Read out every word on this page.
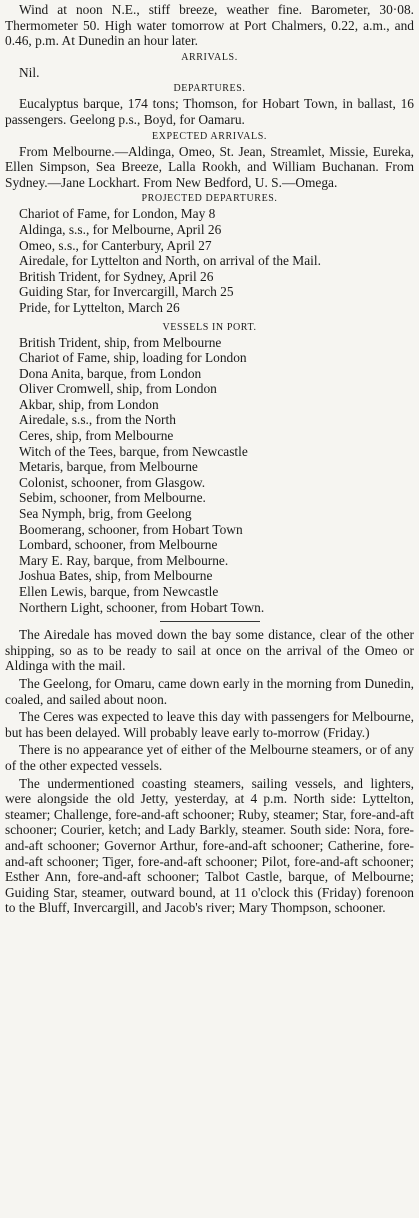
Wind at noon N.E., stiff breeze, weather fine. Barometer, 30·08. Thermometer 50. High water tomorrow at Port Chalmers, 0.22, a.m., and 0.46, p.m. At Dunedin an hour later.

ARRIVALS.
Nil.
DEPARTURES.

Eucalyptus barque, 174 tons; Thomson, for Hobart Town, in ballast, 16 passengers. Geelong p.s., Boyd, for Oamaru.

EXPECTED ARRIVALS.

From Melbourne.—Aldinga, Omeo, St. Jean, Streamlet, Missie, Eureka, Ellen Simpson, Sea Breeze, Lalla Rookh, and William Buchanan. From Sydney.—Jane Lockhart. From New Bedford, U. S.—Omega.

PROJECTED DEPARTURES.
Chariot of Fame, for London, May 8
Aldinga, s.s., for Melbourne, April 26
Omeo, s.s., for Canterbury, April 27
Airedale, for Lyttelton and North, on arrival of the Mail.
British Trident, for Sydney, April 26
Guiding Star, for Invercargill, March 25
Pride, for Lyttelton, March 26
VESSELS IN PORT.
British Trident, ship, from Melbourne
Chariot of Fame, ship, loading for London
Dona Anita, barque, from London
Oliver Cromwell, ship, from London
Akbar, ship, from London
Airedale, s.s., from the North
Ceres, ship, from Melbourne
Witch of the Tees, barque, from Newcastle
Metaris, barque, from Melbourne
Colonist, schooner, from Glasgow.
Sebim, schooner, from Melbourne.
Sea Nymph, brig, from Geelong
Boomerang, schooner, from Hobart Town
Lombard, schooner, from Melbourne
Mary E. Ray, barque, from Melbourne.
Joshua Bates, ship, from Melbourne
Ellen Lewis, barque, from Newcastle
Northern Light, schooner, from Hobart Town.

The Airedale has moved down the bay some distance, clear of the other shipping, so as to be ready to sail at once on the arrival of the Omeo or Aldinga with the mail.

The Geelong, for Omaru, came down early in the morning from Dunedin, coaled, and sailed about noon.

The Ceres was expected to leave this day with passengers for Melbourne, but has been delayed. Will probably leave early to-morrow (Friday.)

There is no appearance yet of either of the Melbourne steamers, or of any of the other expected vessels.

The undermentioned coasting steamers, sailing vessels, and lighters, were alongside the old Jetty, yesterday, at 4 p.m. North side: Lyttelton, steamer; Challenge, fore-and-aft schooner; Ruby, steamer; Star, fore-and-aft schooner; Courier, ketch; and Lady Barkly, steamer. South side: Nora, fore-and-aft schooner; Governor Arthur, fore-and-aft schooner; Catherine, fore-and-aft schooner; Tiger, fore-and-aft schooner; Pilot, fore-and-aft schooner; Esther Ann, fore-and-aft schooner; Talbot Castle, barque, of Melbourne; Guiding Star, steamer, outward bound, at 11 o'clock this (Friday) forenoon to the Bluff, Invercargill, and Jacob's river; Mary Thompson, schooner.
